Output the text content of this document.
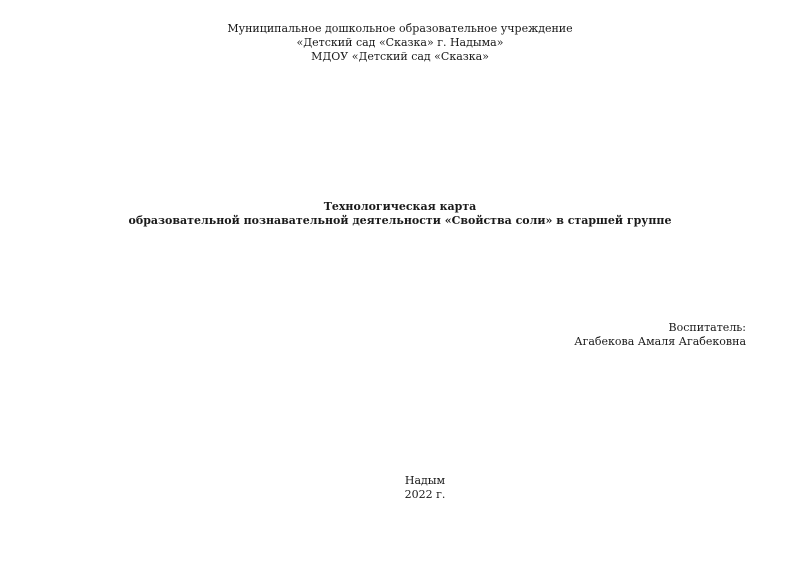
Муниципальное дошкольное образовательное учреждение
«Детский сад «Сказка» г. Надыма»
МДОУ «Детский сад «Сказка»
Технологическая карта
образовательной познавательной деятельности «Свойства соли» в старшей группе
Воспитатель:
Агабекова Амаля Агабековна
Надым
2022 г.
